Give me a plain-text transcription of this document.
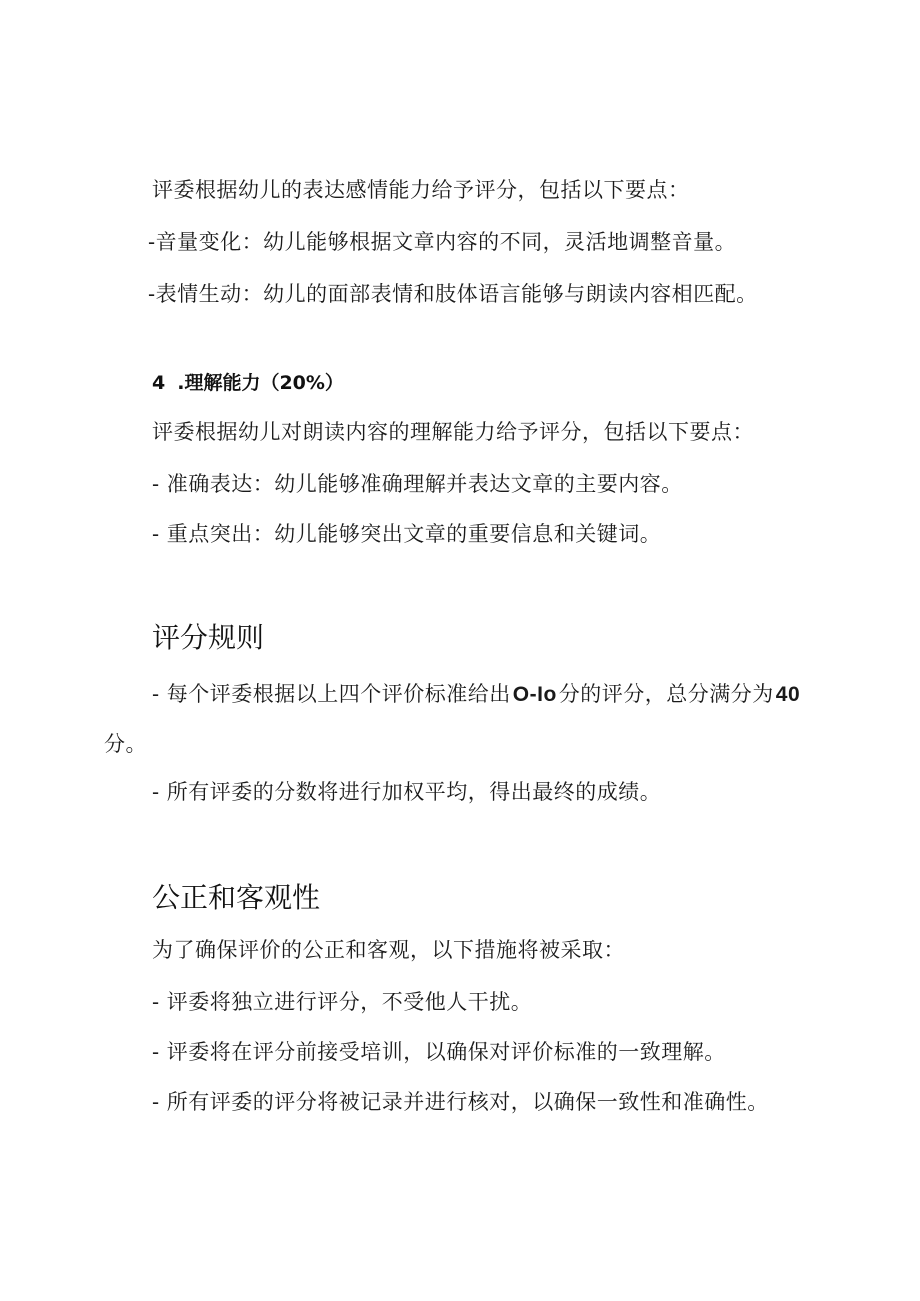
评委根据幼儿的表达感情能力给予评分，包括以下要点：
-音量变化：幼儿能够根据文章内容的不同，灵活地调整音量。
-表情生动：幼儿的面部表情和肢体语言能够与朗读内容相匹配。
4 .理解能力（20%）
评委根据幼儿对朗读内容的理解能力给予评分，包括以下要点：
- 准确表达：幼儿能够准确理解并表达文章的主要内容。
- 重点突出：幼儿能够突出文章的重要信息和关键词。
评分规则
- 每个评委根据以上四个评价标准给出O-Io分的评分，总分满分为40
分。
- 所有评委的分数将进行加权平均，得出最终的成绩。
公正和客观性
为了确保评价的公正和客观，以下措施将被采取：
- 评委将独立进行评分，不受他人干扰。
- 评委将在评分前接受培训，以确保对评价标准的一致理解。
- 所有评委的评分将被记录并进行核对，以确保一致性和准确性。
